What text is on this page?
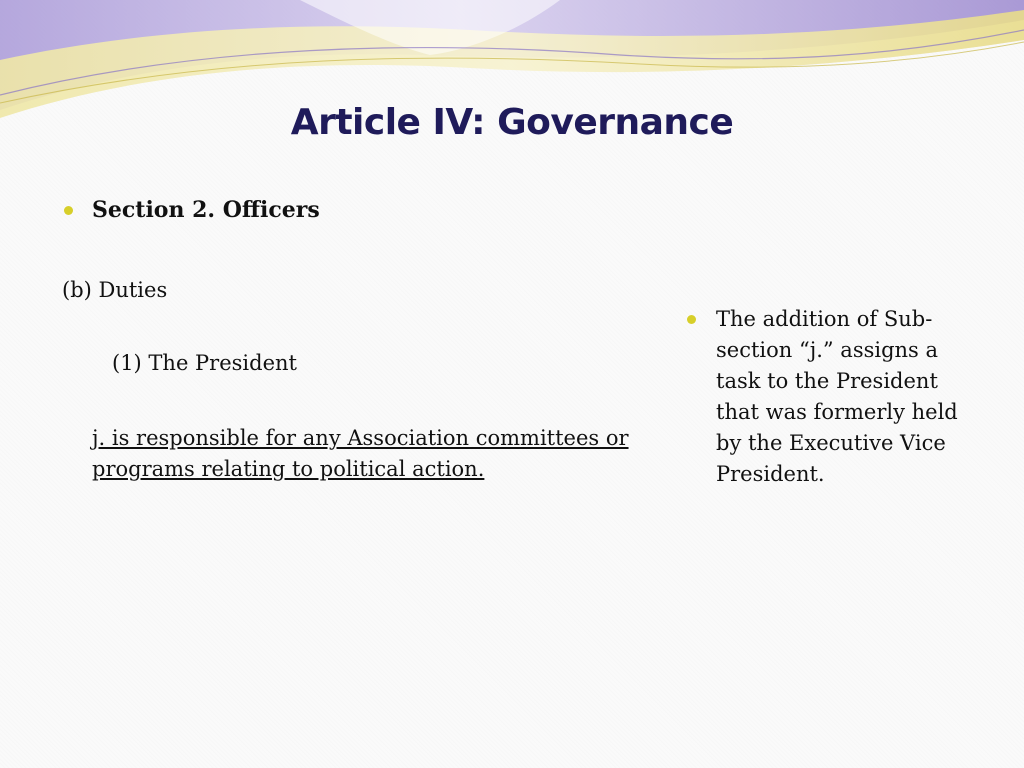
Article IV: Governance
Section 2. Officers
(b) Duties
(1) The President
j. is responsible for any Association committees or programs relating to political action.
The addition of Sub-section “j.” assigns a task to the President that was formerly held by the Executive Vice President.
